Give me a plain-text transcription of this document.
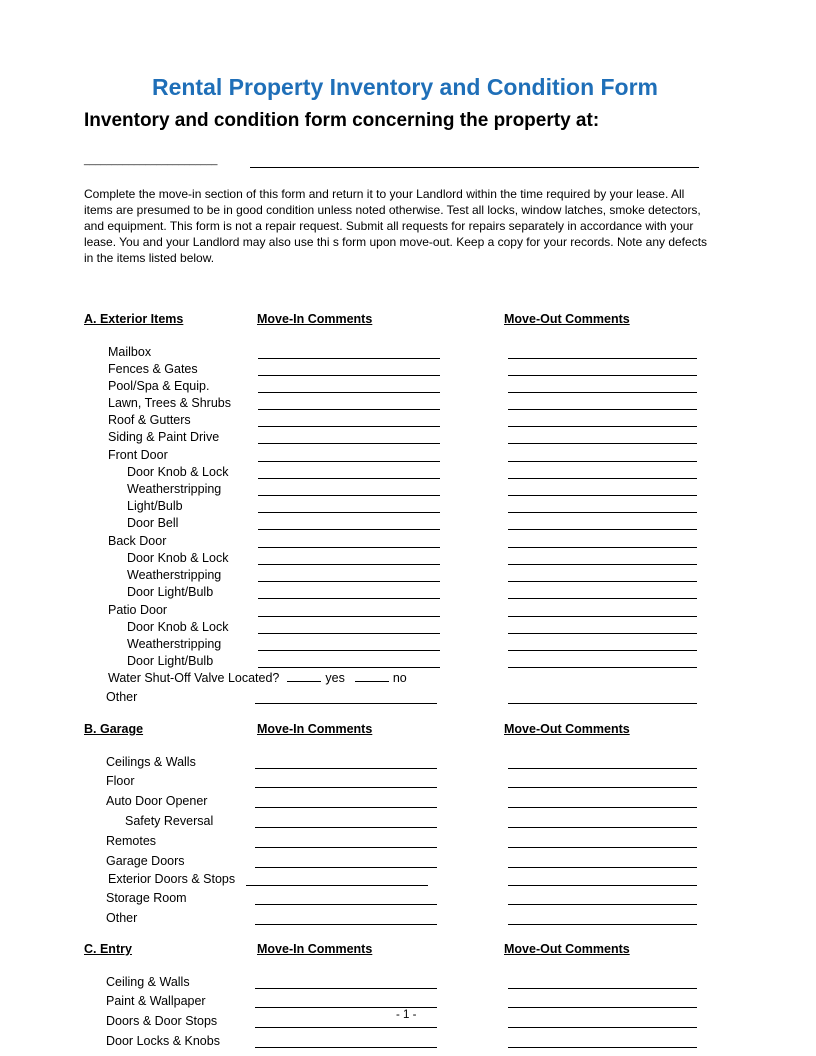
Rental Property Inventory and Condition Form
Inventory and condition form concerning the property at:
________________________

Complete the move-in section of this form and return it to your Landlord within the time required by your lease. All items are presumed to be in good condition unless noted otherwise. Test all locks, window latches, smoke detectors, and equipment. This form is not a repair request. Submit all requests for repairs separately in accordance with your lease. You and your Landlord may also use thi s form upon move-out. Keep a copy for your records. Note any defects in the items listed below.

A. Exterior Items	Move-In Comments	Move-Out Comments
Mailbox
Fences & Gates
Pool/Spa & Equip.
Lawn, Trees & Shrubs
Roof & Gutters
Siding & Paint Drive
Front Door
Door Knob & Lock
Weatherstripping
Light/Bulb
Door Bell
Back Door
Door Knob & Lock
Weatherstripping
Door Light/Bulb
Patio Door
Door Knob & Lock
Weatherstripping
Door Light/Bulb
Water Shut-Off Valve Located?	yes	no
Other
B. Garage	Move-In Comments	Move-Out Comments
Ceilings & Walls
Floor
Auto Door Opener
Safety Reversal
Remotes
Garage Doors
Exterior Doors & Stops
Storage Room
Other
C. Entry	Move-In Comments	Move-Out Comments
Ceiling & Walls
Paint & Wallpaper
Doors & Door Stops
Door Locks & Knobs
- 1 -
